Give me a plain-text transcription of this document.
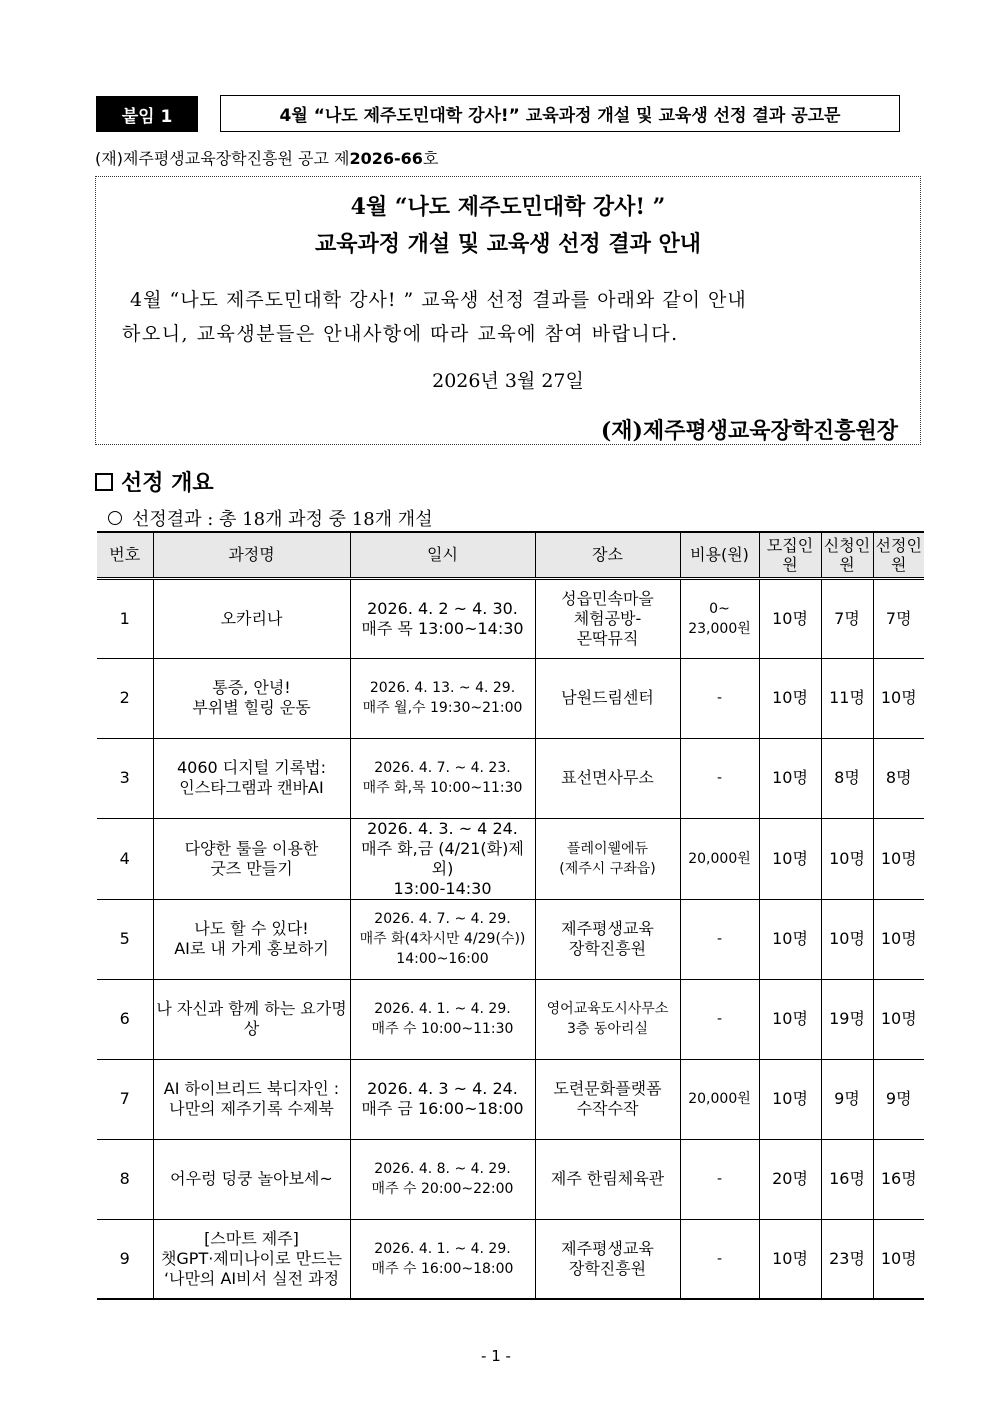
붙임 1	4월 “나도 제주도민대학 강사!” 교육과정 개설 및 교육생 선정 결과 공고문
(재)제주평생교육장학진흥원 공고 제2026-66호
4월 “나도 제주도민대학 강사! ”
교육과정 개설 및 교육생 선정 결과 안내
4월 “나도 제주도민대학 강사! ” 교육생 선정 결과를 아래와 같이 안내
하오니, 교육생분들은 안내사항에 따라 교육에 참여 바랍니다.
2026년 3월 27일
(재)제주평생교육장학진흥원장
선정 개요
선정결과 : 총 18개 과정 중 18개 개설
번호	과정명	일시	장소	비용(원)	모집인원	신청인원	선정인원

1	오카리나	2026. 4. 2 ~ 4. 30.
매주 목 13:00~14:30	성읍민속마을
체험공방-
몬딱뮤직	0~
23,000원	10명	7명	7명

2	통증, 안녕!
부위별 힐링 운동	2026. 4. 13. ~ 4. 29.
매주 월,수 19:30~21:00	남원드림센터	-	10명	11명	10명

3	4060 디지털 기록법:
인스타그램과 캔바AI	2026. 4. 7. ~ 4. 23.
매주 화,목 10:00~11:30	표선면사무소	-	10명	8명	8명

4	다양한 툴을 이용한
굿즈 만들기	2026. 4. 3. ~ 4 24.
매주 화,금 (4/21(화)제외)
13:00-14:30	플레이웰에듀
(제주시 구좌읍)	20,000원	10명	10명	10명

5	나도 할 수 있다!
AI로 내 가게 홍보하기	2026. 4. 7. ~ 4. 29.
매주 화(4차시만 4/29(수))
14:00~16:00	제주평생교육
장학진흥원	-	10명	10명	10명

6	나 자신과 함께 하는 요가명상	2026. 4. 1. ~ 4. 29.
매주 수 10:00~11:30	영어교육도시사무소
3층 동아리실	-	10명	19명	10명

7	AI 하이브리드 북디자인 :
나만의 제주기록 수제북	2026. 4. 3 ~ 4. 24.
매주 금 16:00~18:00	도련문화플랫폼
수작수작	20,000원	10명	9명	9명

8	어우렁 덩쿵 놀아보세~	2026. 4. 8. ~ 4. 29.
매주 수 20:00~22:00	제주 한림체육관	-	20명	16명	16명

9	[스마트 제주]
챗GPT·제미나이로 만드는
‘나만의 AI비서 실전 과정	2026. 4. 1. ~ 4. 29.
매주 수 16:00~18:00	제주평생교육
장학진흥원	-	10명	23명	10명
- 1 -
